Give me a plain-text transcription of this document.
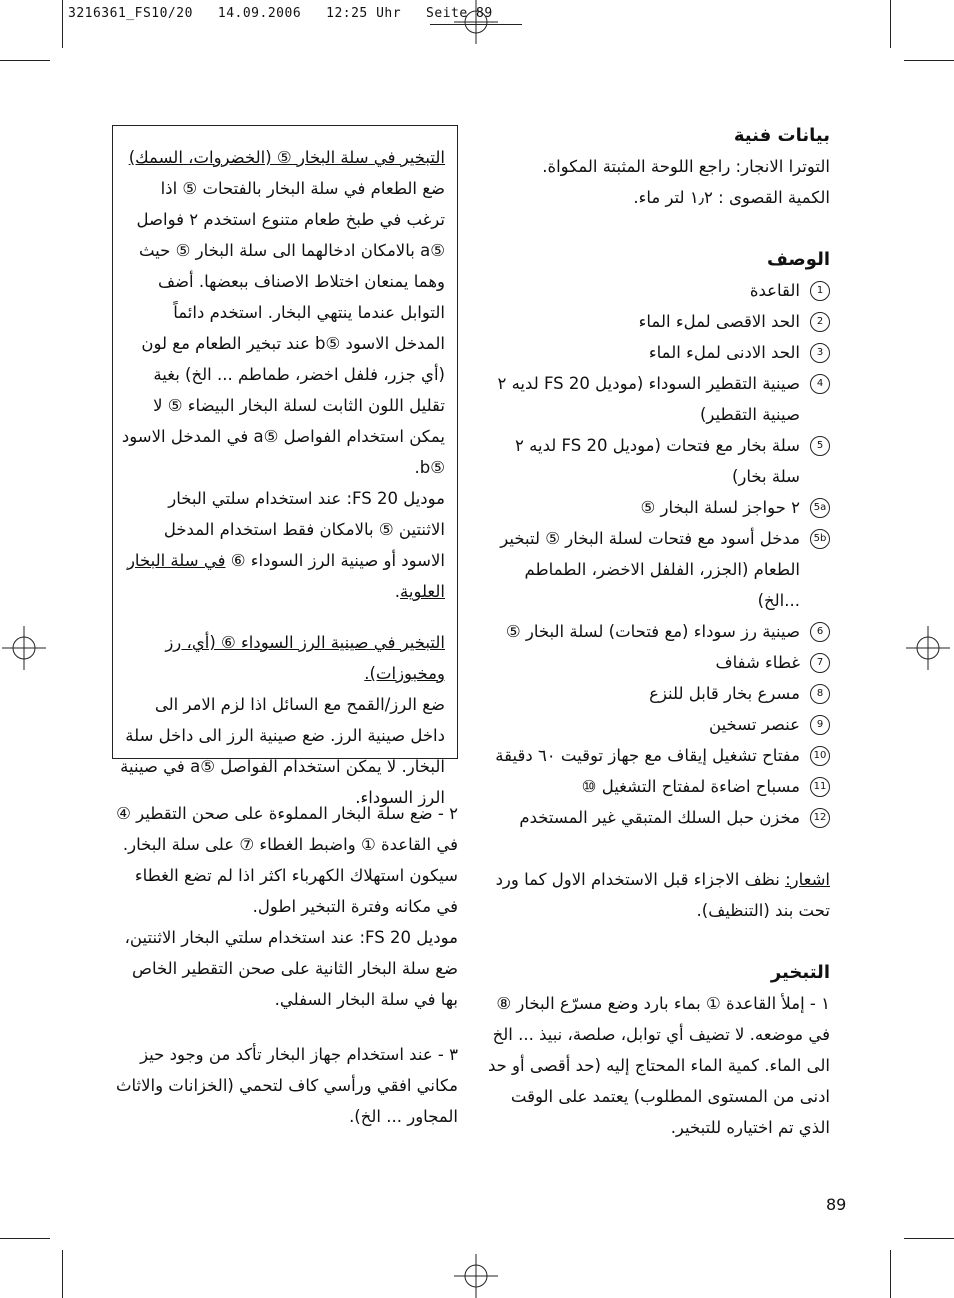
3216361_FS10/20   14.09.2006   12:25 Uhr   Seite 89
بيانات فنية
التوترا الانجار: راجع اللوحة المثبتة المكواة.
الكمية القصوى : ١٫٢ لتر ماء.
الوصف
1
القاعدة
2
الحد الاقصى لملء الماء
3
الحد الادنى لملء الماء
4
صينية التقطير السوداء (موديل FS 20 لديه ٢ صينية التقطير)
5
سلة بخار مع فتحات (موديل FS 20 لديه ٢ سلة بخار)
5a
٢ حواجز لسلة البخار ⑤
5b
مدخل أسود مع فتحات لسلة البخار ⑤ لتبخير الطعام (الجزر، الفلفل الاخضر، الطماطم ...الخ)
6
صينية رز سوداء (مع فتحات) لسلة البخار ⑤
7
غطاء شفاف
8
مسرع بخار قابل للنزع
9
عنصر تسخين
10
مفتاح تشغيل إيقاف مع جهاز توقيت ٦٠ دقيقة
11
مسباح اضاءة لمفتاح التشغيل ⑩
12
مخزن حبل السلك المتبقي غير المستخدم
اشعار: نظف الاجزاء قبل الاستخدام الاول كما ورد تحت بند (التنظيف).
التبخير
١ - إملأ القاعدة ① بماء بارد وضع مسرّع البخار ⑧ في موضعه. لا تضيف أي توابل، صلصة، نبيذ ... الخ الى الماء. كمية الماء المحتاج إليه (حد أقصى أو حد ادنى من المستوى المطلوب) يعتمد على الوقت الذي تم اختياره للتبخير.
التبخير في سلة البخار ⑤ (الخضروات، السمك)
ضع الطعام في سلة البخار بالفتحات ⑤ اذا ترغب في طبخ طعام متنوع استخدم ٢ فواصل ⑤a بالامكان ادخالهما الى سلة البخار ⑤ حيث وهما يمنعان اختلاط الاصناف ببعضها. أضف التوابل عندما ينتهي البخار. استخدم دائماً المدخل الاسود ⑤b عند تبخير الطعام مع لون (أي جزر، فلفل اخضر، طماطم ... الخ) بغية تقليل اللون الثابت لسلة البخار البيضاء ⑤ لا يمكن استخدام الفواصل ⑤a في المدخل الاسود ⑤b.
موديل FS 20: عند استخدام سلتي البخار الاثنتين ⑤ بالامكان فقط استخدام المدخل الاسود أو صينية الرز السوداء ⑥ في سلة البخار العلوية.
التبخير في صينية الرز السوداء ⑥ (أي، رز ومخبوزات).
ضع الرز/القمح مع السائل اذا لزم الامر الى داخل صينية الرز. ضع صينية الرز الى داخل سلة البخار. لا يمكن استخدام الفواصل ⑤a في صينية الرز السوداء.
٢ - ضع سلة البخار المملوءة على صحن التقطير ④ في القاعدة ① واضبط الغطاء ⑦ على سلة البخار. سيكون استهلاك الكهرباء اكثر اذا لم تضع الغطاء في مكانه وفترة التبخير اطول.
موديل FS 20: عند استخدام سلتي البخار الاثنتين، ضع سلة البخار الثانية على صحن التقطير الخاص بها في سلة البخار السفلي.
٣ - عند استخدام جهاز البخار تأكد من وجود حيز مكاني افقي ورأسي كاف لتحمي (الخزانات والاثاث المجاور ... الخ).
89
